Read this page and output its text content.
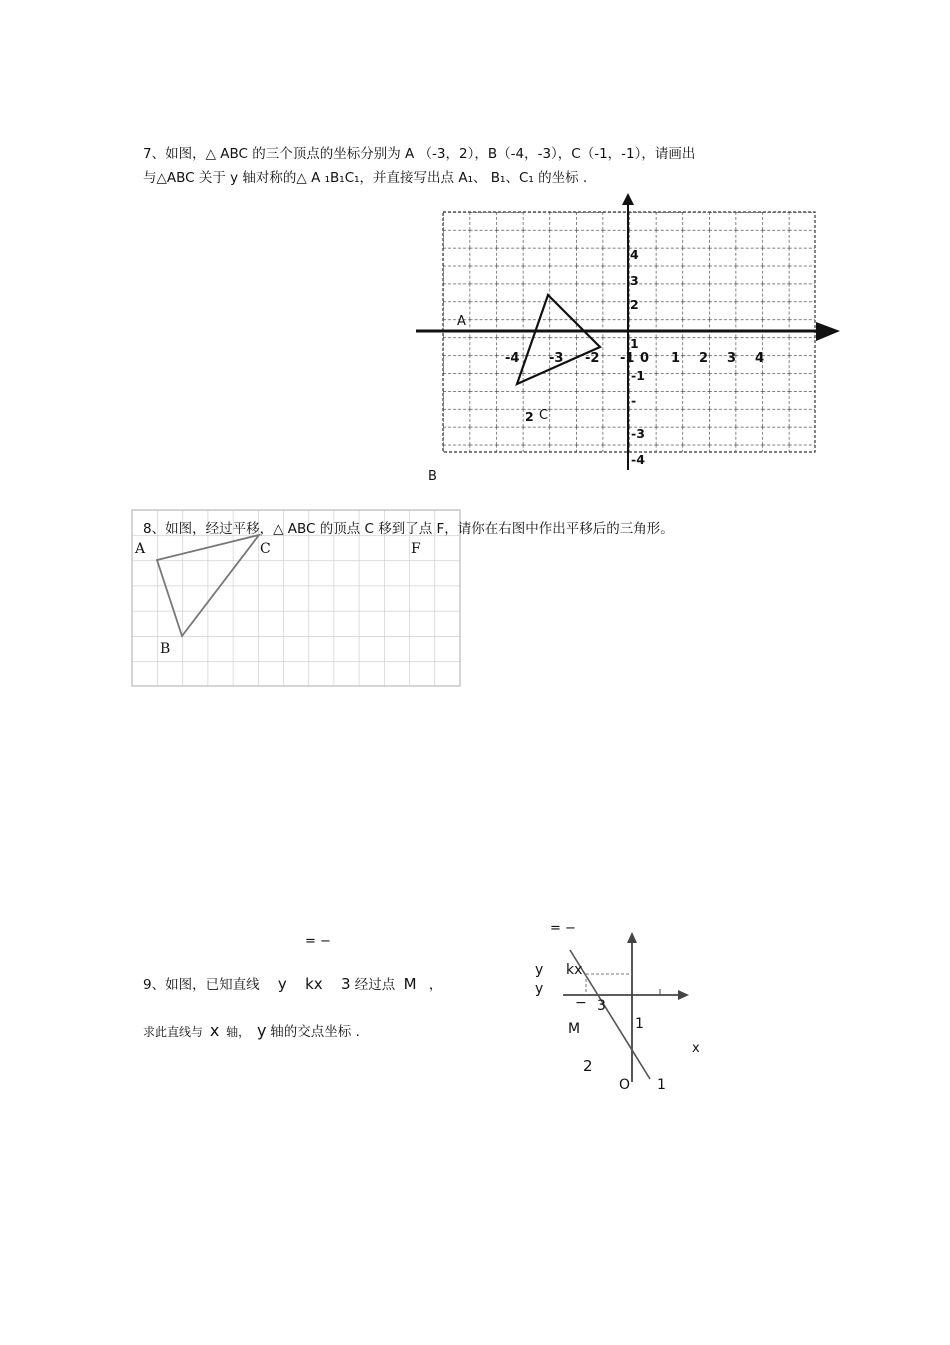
7、如图，△ ABC 的三个顶点的坐标分别为 A （-3，2），B（-4，-3），C（-1，-1），请画出
与△ABC 关于 y 轴对称的△ A ₁B₁C₁，并直接写出点 A₁、 B₁、C₁ 的坐标 .
-4 -3 -2 -1 0 1 2 3 4
4
3
2
1
-1
-
-3
-4
A
2 C
B
8、如图，经过平移，△ ABC 的顶点 C 移到了点 F，请你在右图中作出平移后的三角形。
A	C	F
B
= −
9、如图，已知直线 y kx 3 经过点 M ，
求此直线与 x 轴， y 轴的交点坐标 .
= −
y kx
y
− 3
M	1
x
2
O 1
